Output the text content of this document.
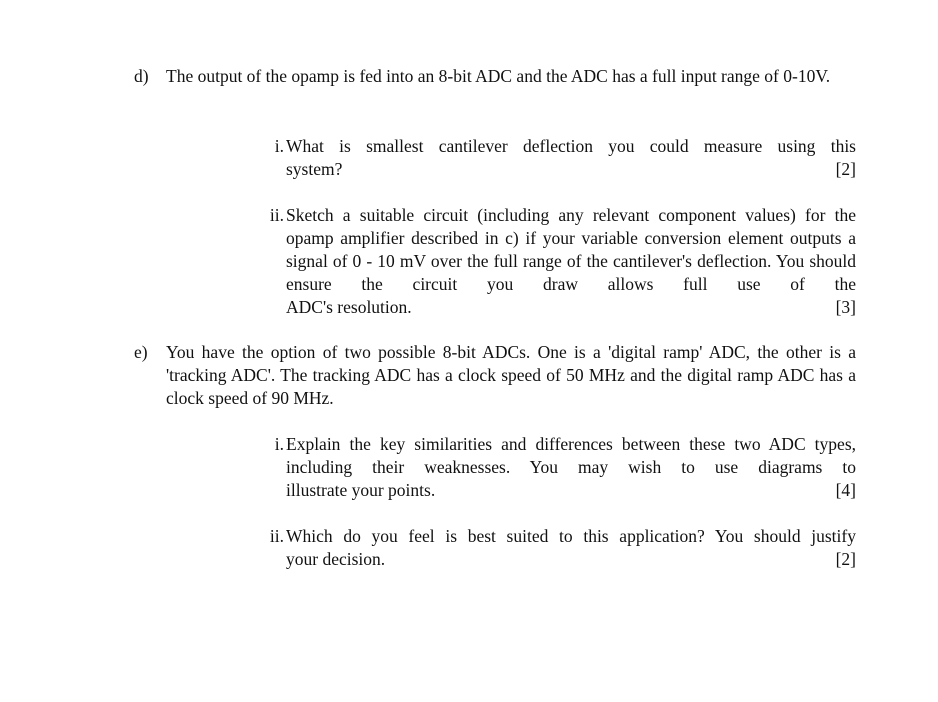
d) The output of the opamp is fed into an 8-bit ADC and the ADC has a full input range of 0-10V.

i. What is smallest cantilever deflection you could measure using this

system?	[2]
ii. Sketch a suitable circuit (including any relevant component values) for the opamp amplifier described in c) if your variable conversion element outputs a signal of 0 - 10 mV over the full range of the cantilever's deflection. You should ensure the circuit you draw allows full use of the

ADC's resolution.	[3]
e) You have the option of two possible 8-bit ADCs. One is a 'digital ramp' ADC, the other is a 'tracking ADC'. The tracking ADC has a clock speed of 50 MHz and the digital ramp ADC has a clock speed of 90 MHz.

i. Explain the key similarities and differences between these two ADC types, including their weaknesses. You may wish to use diagrams to

illustrate your points.	[4]
ii. Which do you feel is best suited to this application? You should justify

your decision.	[2]
